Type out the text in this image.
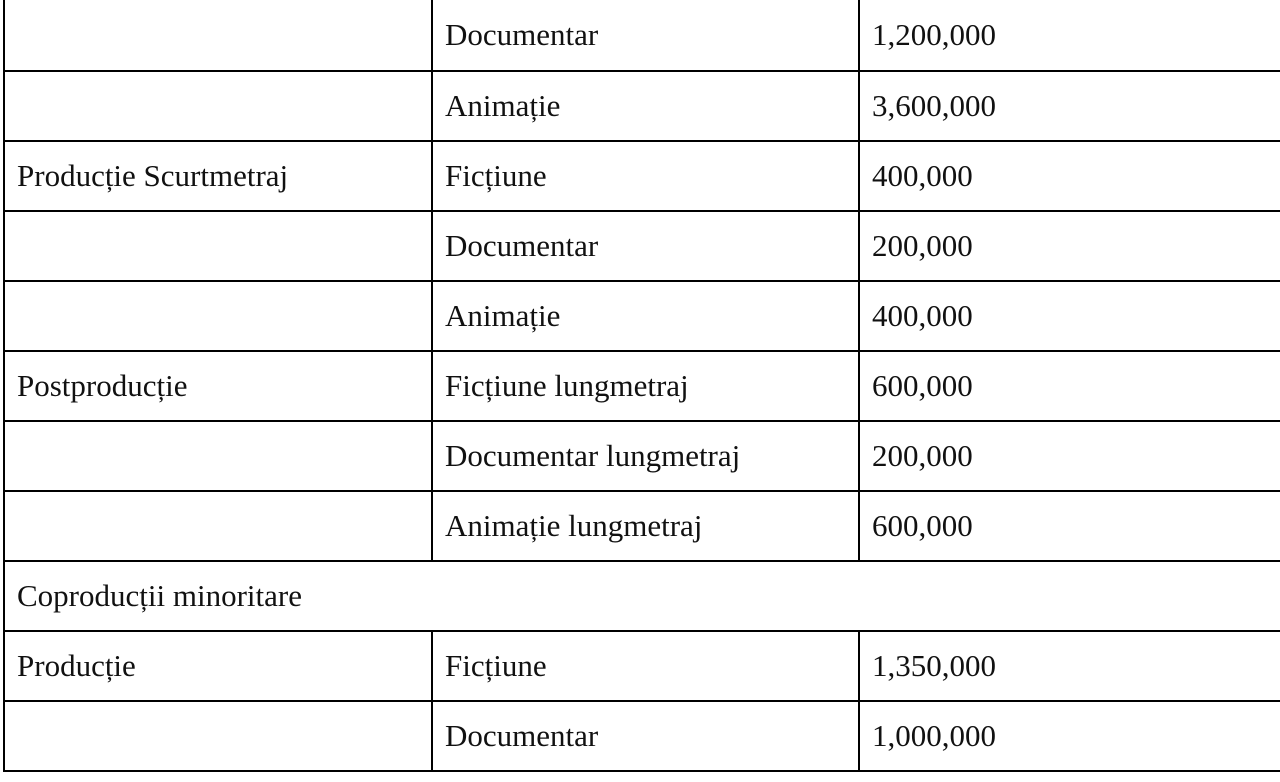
	Documentar	1,200,000
	Animație	3,600,000
Producție Scurtmetraj	Ficțiune	400,000
	Documentar	200,000
	Animație	400,000
Postproducție	Ficțiune lungmetraj	600,000
	Documentar lungmetraj	200,000
	Animație lungmetraj	600,000
Coproducții minoritare		
Producție	Ficțiune	1,350,000
	Documentar	1,000,000
